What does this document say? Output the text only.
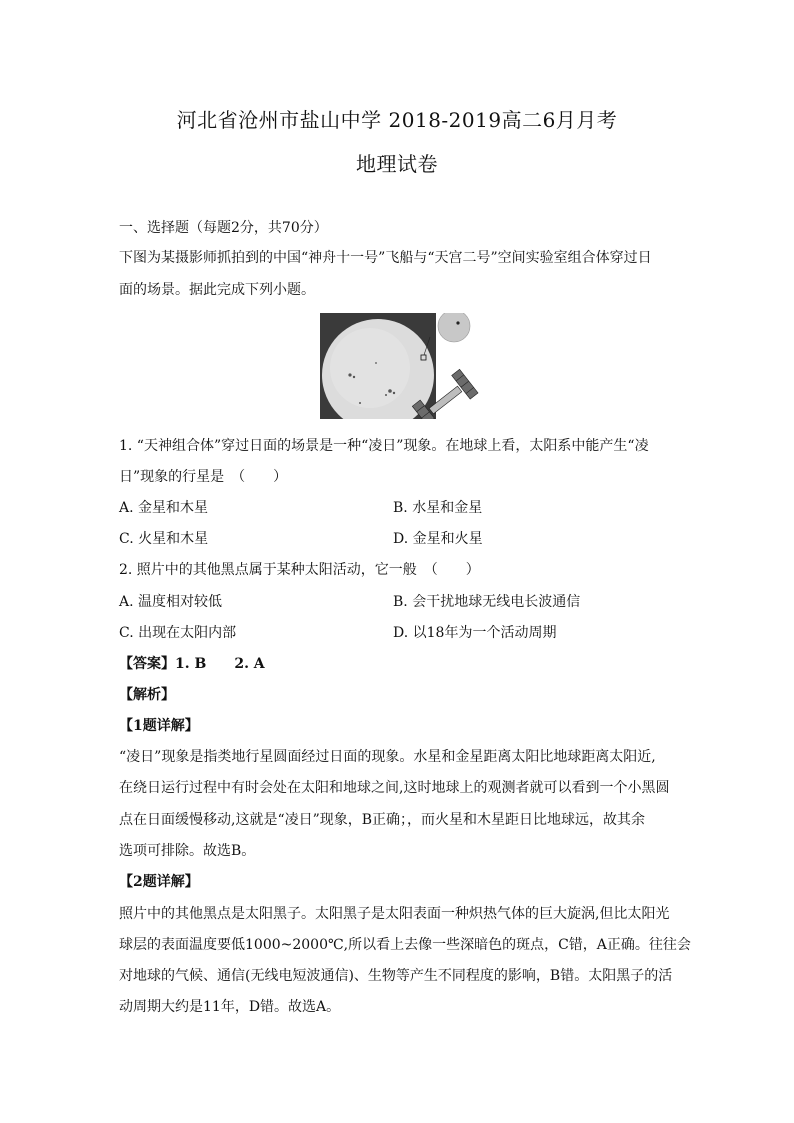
河北省沧州市盐山中学 2018-2019高二6月月考
地理试卷
一、选择题（每题2分，共70分）
下图为某摄影师抓拍到的中国“神舟十一号”飞船与“天宫二号”空间实验室组合体穿过日
面的场景。据此完成下列小题。
1. “天神组合体”穿过日面的场景是一种“凌日”现象。在地球上看，太阳系中能产生“凌
日”现象的行星是　（　　）
A. 金星和木星	B. 水星和金星
C. 火星和木星	D. 金星和火星
2. 照片中的其他黑点属于某种太阳活动，它一般　（　　）
A. 温度相对较低	B. 会干扰地球无线电长波通信
C. 出现在太阳内部	D. 以18年为一个活动周期
【答案】1. B　　2. A
【解析】
【1题详解】
“凌日”现象是指类地行星圆面经过日面的现象。水星和金星距离太阳比地球距离太阳近,
在绕日运行过程中有时会处在太阳和地球之间,这时地球上的观测者就可以看到一个小黑圆
点在日面缓慢移动,这就是“凌日”现象，B正确；，而火星和木星距日比地球远，故其余
选项可排除。故选B。
【2题详解】
照片中的其他黑点是太阳黑子。太阳黑子是太阳表面一种炽热气体的巨大旋涡,但比太阳光
球层的表面温度要低1000~2000℃,所以看上去像一些深暗色的斑点，C错，A正确。往往会
对地球的气候、通信(无线电短波通信)、生物等产生不同程度的影响，B错。太阳黑子的活
动周期大约是11年，D错。故选A。
